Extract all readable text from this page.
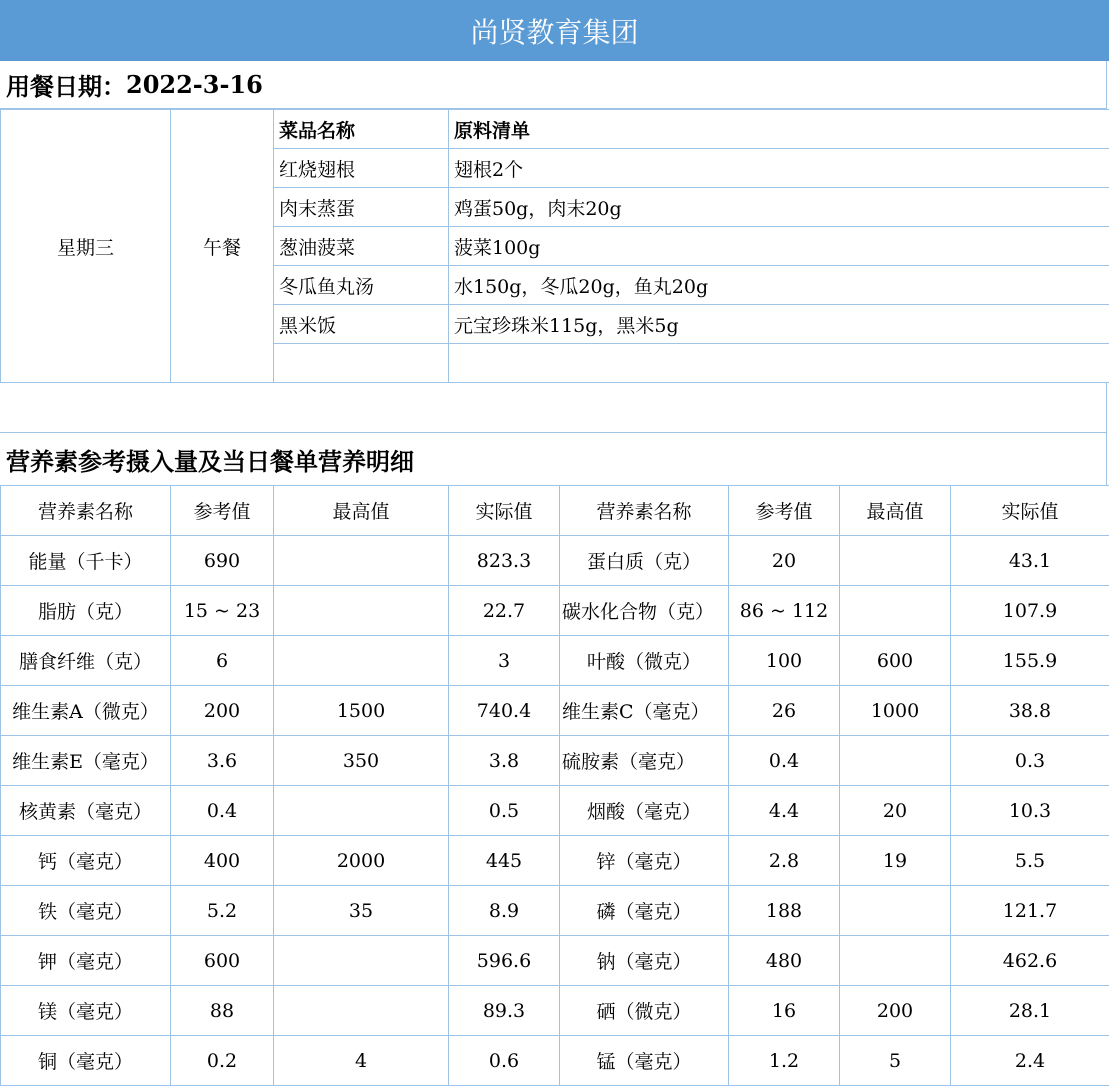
尚贤教育集团
用餐日期： 2022-3-16
星期三	午餐	菜品名称	原料清单
		红烧翅根	翅根2个
		肉末蒸蛋	鸡蛋50g，肉末20g
		葱油菠菜	菠菜100g
		冬瓜鱼丸汤	水150g，冬瓜20g，鱼丸20g
		黑米饭	元宝珍珠米115g，黑米5g

营养素参考摄入量及当日餐单营养明细
营养素名称	参考值	最高值	实际值	营养素名称	参考值	最高值	实际值
能量（千卡）	690		823.3	蛋白质（克）	20		43.1
脂肪（克）	15 ~ 23		22.7	碳水化合物（克）	86 ~ 112		107.9
膳食纤维（克）	6		3	叶酸（微克）	100	600	155.9
维生素A（微克）	200	1500	740.4	维生素C（毫克）	26	1000	38.8
维生素E（毫克）	3.6	350	3.8	硫胺素（毫克）	0.4		0.3
核黄素（毫克）	0.4		0.5	烟酸（毫克）	4.4	20	10.3
钙（毫克）	400	2000	445	锌（毫克）	2.8	19	5.5
铁（毫克）	5.2	35	8.9	磷（毫克）	188		121.7
钾（毫克）	600		596.6	钠（毫克）	480		462.6
镁（毫克）	88		89.3	硒（微克）	16	200	28.1
铜（毫克）	0.2	4	0.6	锰（毫克）	1.2	5	2.4
